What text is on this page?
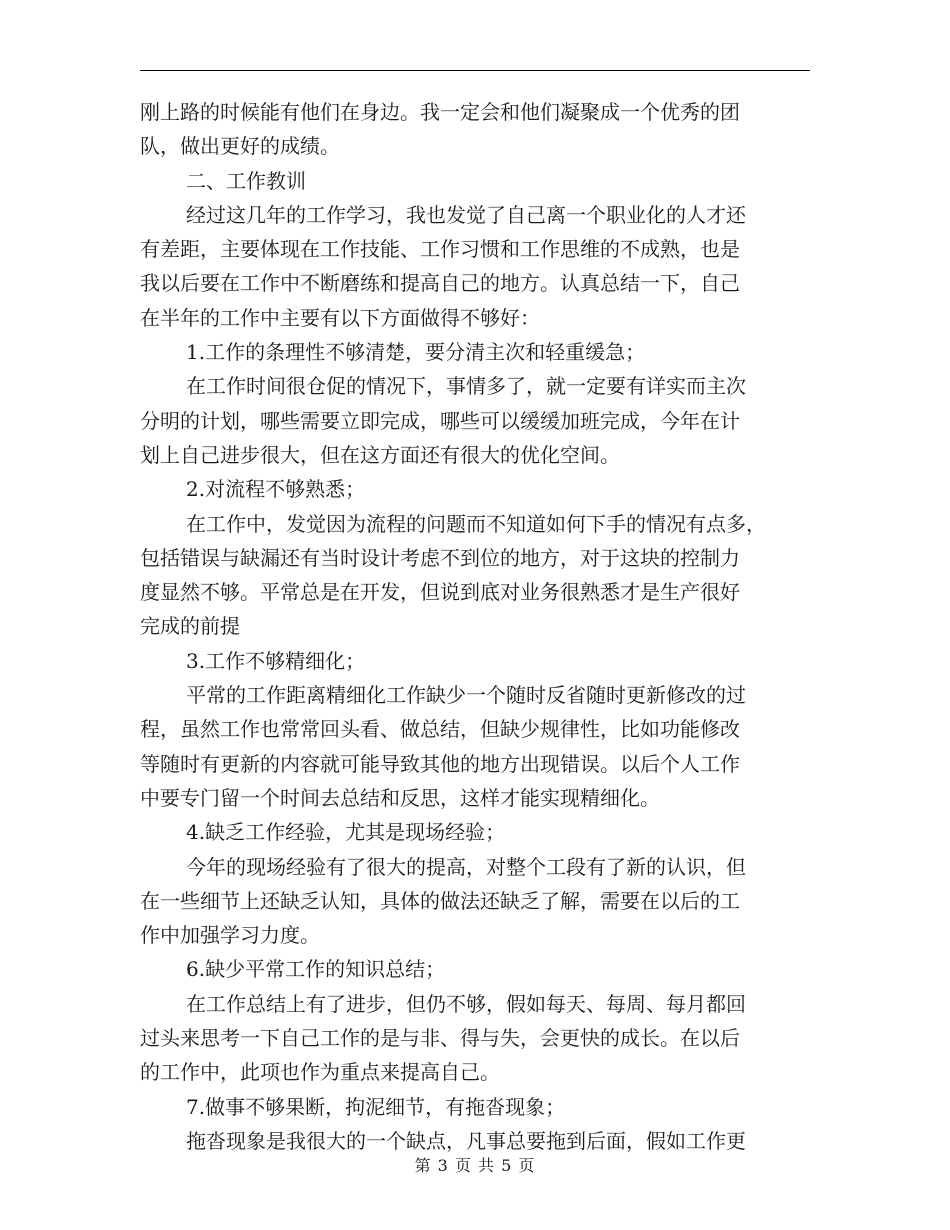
刚上路的时候能有他们在身边。我一定会和他们凝聚成一个优秀的团
队，做出更好的成绩。
二、工作教训
经过这几年的工作学习，我也发觉了自己离一个职业化的人才还
有差距，主要体现在工作技能、工作习惯和工作思维的不成熟，也是
我以后要在工作中不断磨练和提高自己的地方。认真总结一下，自己
在半年的工作中主要有以下方面做得不够好：
1.工作的条理性不够清楚，要分清主次和轻重缓急；
在工作时间很仓促的情况下，事情多了，就一定要有详实而主次
分明的计划，哪些需要立即完成，哪些可以缓缓加班完成，今年在计
划上自己进步很大，但在这方面还有很大的优化空间。
2.对流程不够熟悉；
在工作中，发觉因为流程的问题而不知道如何下手的情况有点多，
包括错误与缺漏还有当时设计考虑不到位的地方，对于这块的控制力
度显然不够。平常总是在开发，但说到底对业务很熟悉才是生产很好
完成的前提
3.工作不够精细化；
平常的工作距离精细化工作缺少一个随时反省随时更新修改的过
程，虽然工作也常常回头看、做总结，但缺少规律性，比如功能修改
等随时有更新的内容就可能导致其他的地方出现错误。以后个人工作
中要专门留一个时间去总结和反思，这样才能实现精细化。
4.缺乏工作经验，尤其是现场经验；
今年的现场经验有了很大的提高，对整个工段有了新的认识，但
在一些细节上还缺乏认知，具体的做法还缺乏了解，需要在以后的工
作中加强学习力度。
6.缺少平常工作的知识总结；
在工作总结上有了进步，但仍不够，假如每天、每周、每月都回
过头来思考一下自己工作的是与非、得与失，会更快的成长。在以后
的工作中，此项也作为重点来提高自己。
7.做事不够果断，拘泥细节，有拖沓现象；
拖沓现象是我很大的一个缺点，凡事总要拖到后面，假如工作更
第 3 页 共 5 页
